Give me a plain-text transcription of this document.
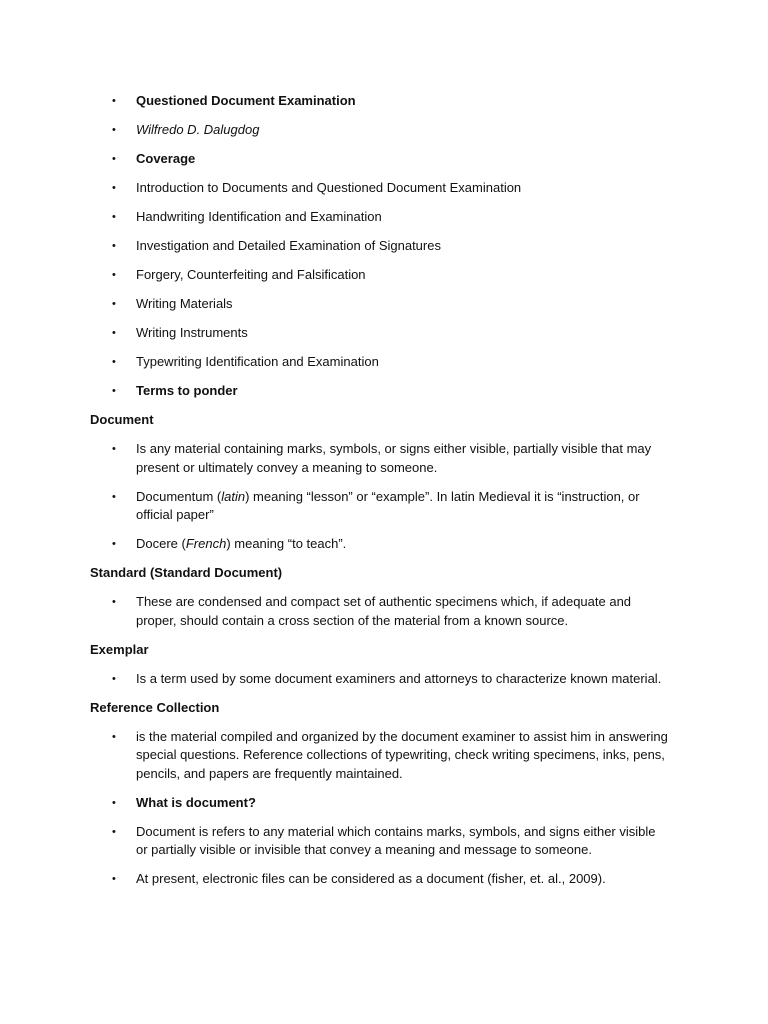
• Questioned Document Examination
• Wilfredo D. Dalugdog
• Coverage
• Introduction to Documents and Questioned Document Examination
• Handwriting Identification and Examination
• Investigation and Detailed Examination of Signatures
• Forgery, Counterfeiting and Falsification
• Writing Materials
• Writing Instruments
• Typewriting Identification and Examination
• Terms to ponder

Document

• Is any material containing marks, symbols, or signs either visible, partially visible that may present or ultimately convey a meaning to someone.
• Documentum (latin) meaning “lesson” or “example”. In latin Medieval it is “instruction, or official paper”
• Docere (French) meaning “to teach”.

Standard (Standard Document)

• These are condensed and compact set of authentic specimens which, if adequate and proper, should contain a cross section of the material from a known source.

Exemplar

• Is a term used by some document examiners and attorneys to characterize known material.

Reference Collection

• is the material compiled and organized by the document examiner to assist him in answering special questions. Reference collections of typewriting, check writing specimens, inks, pens, pencils, and papers are frequently maintained.
• What is document?
• Document is refers to any material which contains marks, symbols, and signs either visible or partially visible or invisible that convey a meaning and message to someone.
• At present, electronic files can be considered as a document (fisher, et. al., 2009).
